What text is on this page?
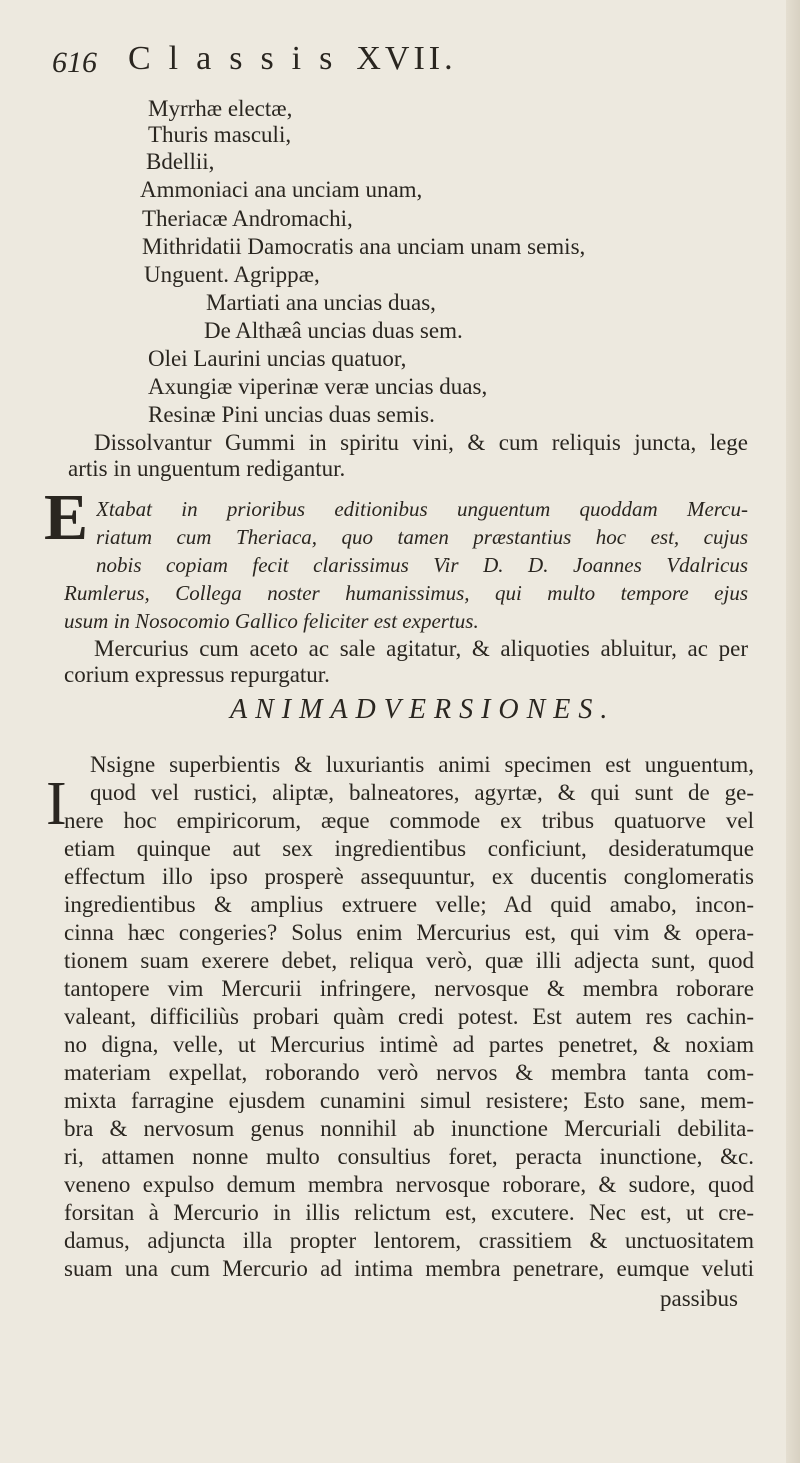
616 Classis XVII.
Myrrhæ electæ,
Thuris masculi,
Bdellii,
Ammoniaci ana unciam unam,
Theriacæ Andromachi,
Mithridatii Damocratis ana unciam unam semis,
Unguent. Agrippæ,
Martiati ana uncias duas,
De Althæâ uncias duas sem.
Olei Laurini uncias quatuor,
Axungiæ viperinæ veræ uncias duas,
Resinæ Pini uncias duas semis.
Dissolvantur Gummi in spiritu vini, & cum reliquis juncta, lege
artis in unguentum redigantur.
E Xtabat in prioribus editionibus unguentum quoddam Mercu-
riatum cum Theriaca, quo tamen præstantius hoc est, cujus
nobis copiam fecit clarissimus Vir D. D. Joannes Vdalricus
Rumlerus, Collega noster humanissimus, qui multo tempore ejus
usum in Nosocomio Gallico feliciter est expertus.
Mercurius cum aceto ac sale agitatur, & aliquoties abluitur, ac per
corium expressus repurgatur.
ANIMADVERSIONES.
I
Nsigne superbientis & luxuriantis animi specimen est unguentum,
quod vel rustici, aliptæ, balneatores, agyrtæ, & qui sunt de ge-
nere hoc empiricorum, æque commode ex tribus quatuorve vel
etiam quinque aut sex ingredientibus conficiunt, desideratumque
effectum illo ipso prosperè assequuntur, ex ducentis conglomeratis
ingredientibus & amplius extruere velle; Ad quid amabo, incon-
cinna hæc congeries? Solus enim Mercurius est, qui vim & opera-
tionem suam exerere debet, reliqua verò, quæ illi adjecta sunt, quod
tantopere vim Mercurii infringere, nervosque & membra roborare
valeant, difficiliùs probari quàm credi potest. Est autem res cachin-
no digna, velle, ut Mercurius intimè ad partes penetret, & noxiam
materiam expellat, roborando verò nervos & membra tanta com-
mixta farragine ejusdem cunamini simul resistere; Esto sane, mem-
bra & nervosum genus nonnihil ab inunctione Mercuriali debilita-
ri, attamen nonne multo consultius foret, peracta inunctione, &c.
veneno expulso demum membra nervosque roborare, & sudore, quod
forsitan à Mercurio in illis relictum est, excutere. Nec est, ut cre-
damus, adjuncta illa propter lentorem, crassitiem & unctuositatem
suam una cum Mercurio ad intima membra penetrare, eumque veluti
passibus
